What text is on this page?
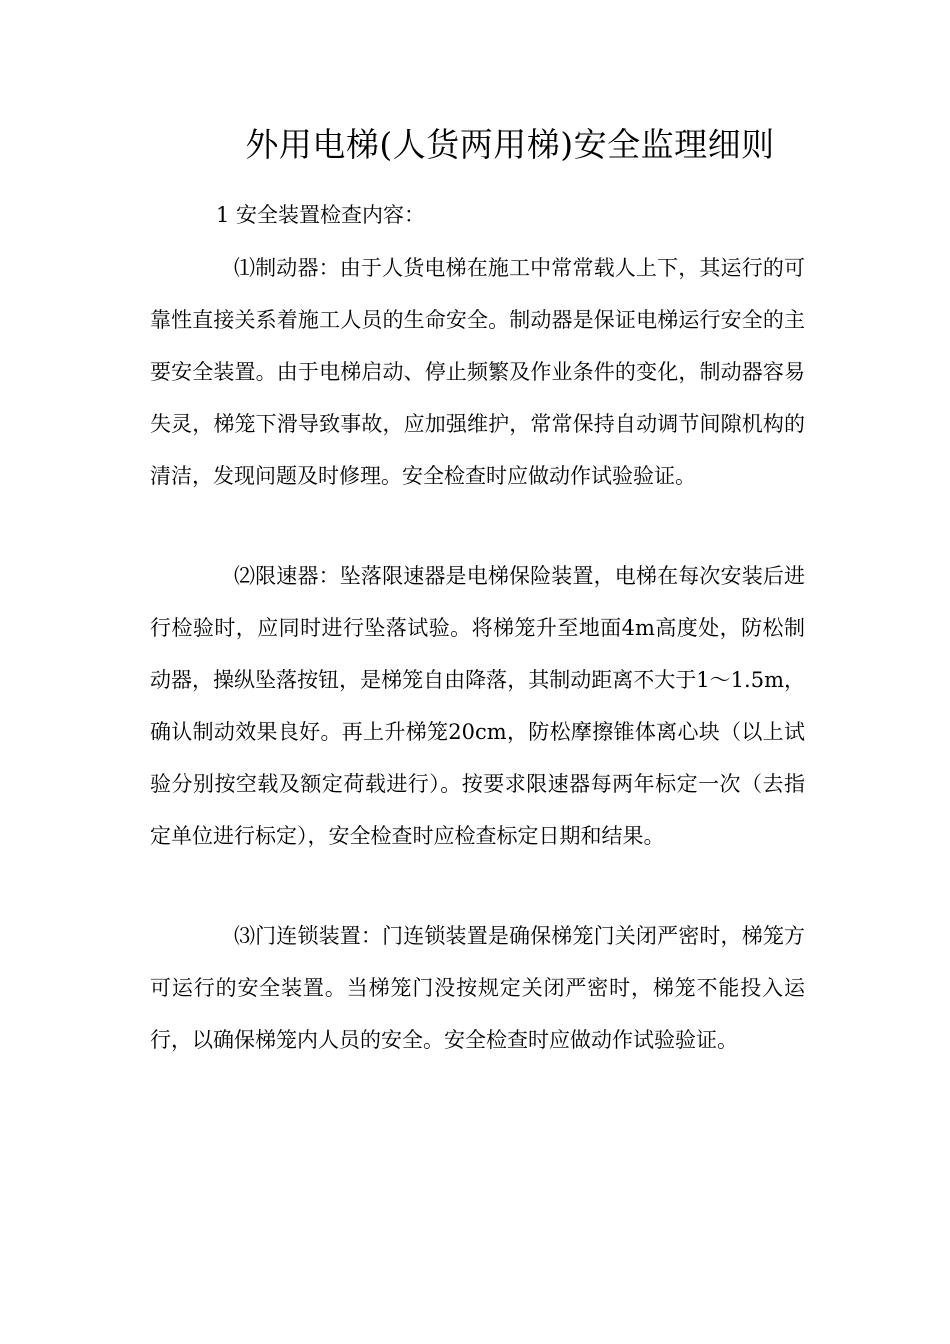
外用电梯(人货两用梯)安全监理细则
1 安全装置检查内容：

⑴制动器：由于人货电梯在施工中常常载人上下，其运行的可靠性直接关系着施工人员的生命安全。制动器是保证电梯运行安全的主要安全装置。由于电梯启动、停止频繁及作业条件的变化，制动器容易失灵，梯笼下滑导致事故，应加强维护，常常保持自动调节间隙机构的清洁，发现问题及时修理。安全检查时应做动作试验验证。

⑵限速器：坠落限速器是电梯保险装置，电梯在每次安装后进行检验时，应同时进行坠落试验。将梯笼升至地面4m高度处，防松制动器，操纵坠落按钮，是梯笼自由降落，其制动距离不大于1～1.5m，确认制动效果良好。再上升梯笼20cm，防松摩擦锥体离心块（以上试验分别按空载及额定荷载进行）。按要求限速器每两年标定一次（去指定单位进行标定），安全检查时应检查标定日期和结果。

⑶门连锁装置：门连锁装置是确保梯笼门关闭严密时，梯笼方可运行的安全装置。当梯笼门没按规定关闭严密时，梯笼不能投入运行，以确保梯笼内人员的安全。安全检查时应做动作试验验证。
